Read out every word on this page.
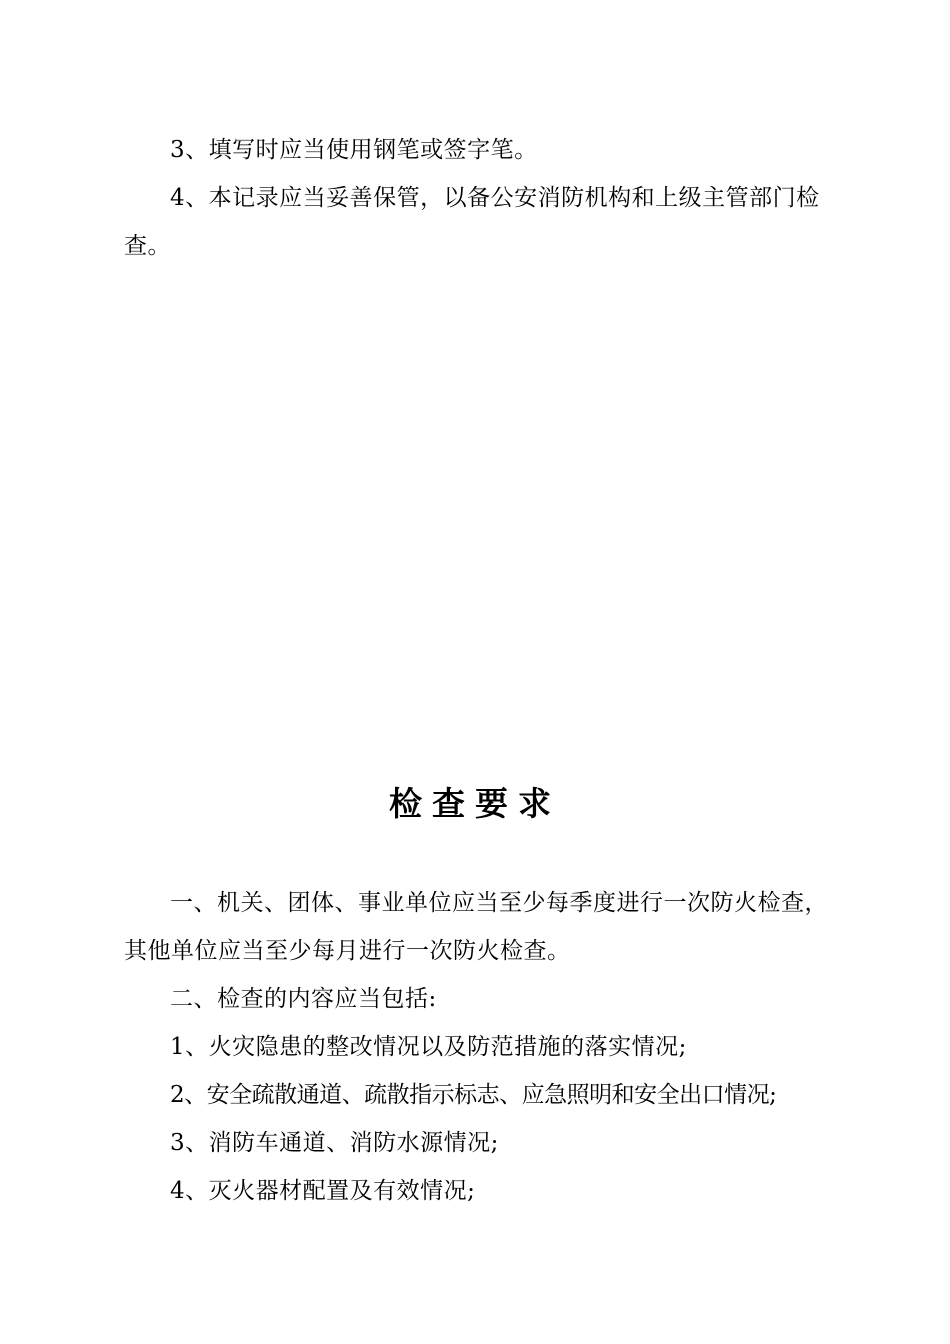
3、填写时应当使用钢笔或签字笔。

4、本记录应当妥善保管，以备公安消防机构和上级主管部门检查。

检查要求

一、机关、团体、事业单位应当至少每季度进行一次防火检查，其他单位应当至少每月进行一次防火检查。

二、检查的内容应当包括:

1、火灾隐患的整改情况以及防范措施的落实情况;

2、安全疏散通道、疏散指示标志、应急照明和安全出口情况;

3、消防车通道、消防水源情况;

4、灭火器材配置及有效情况;
